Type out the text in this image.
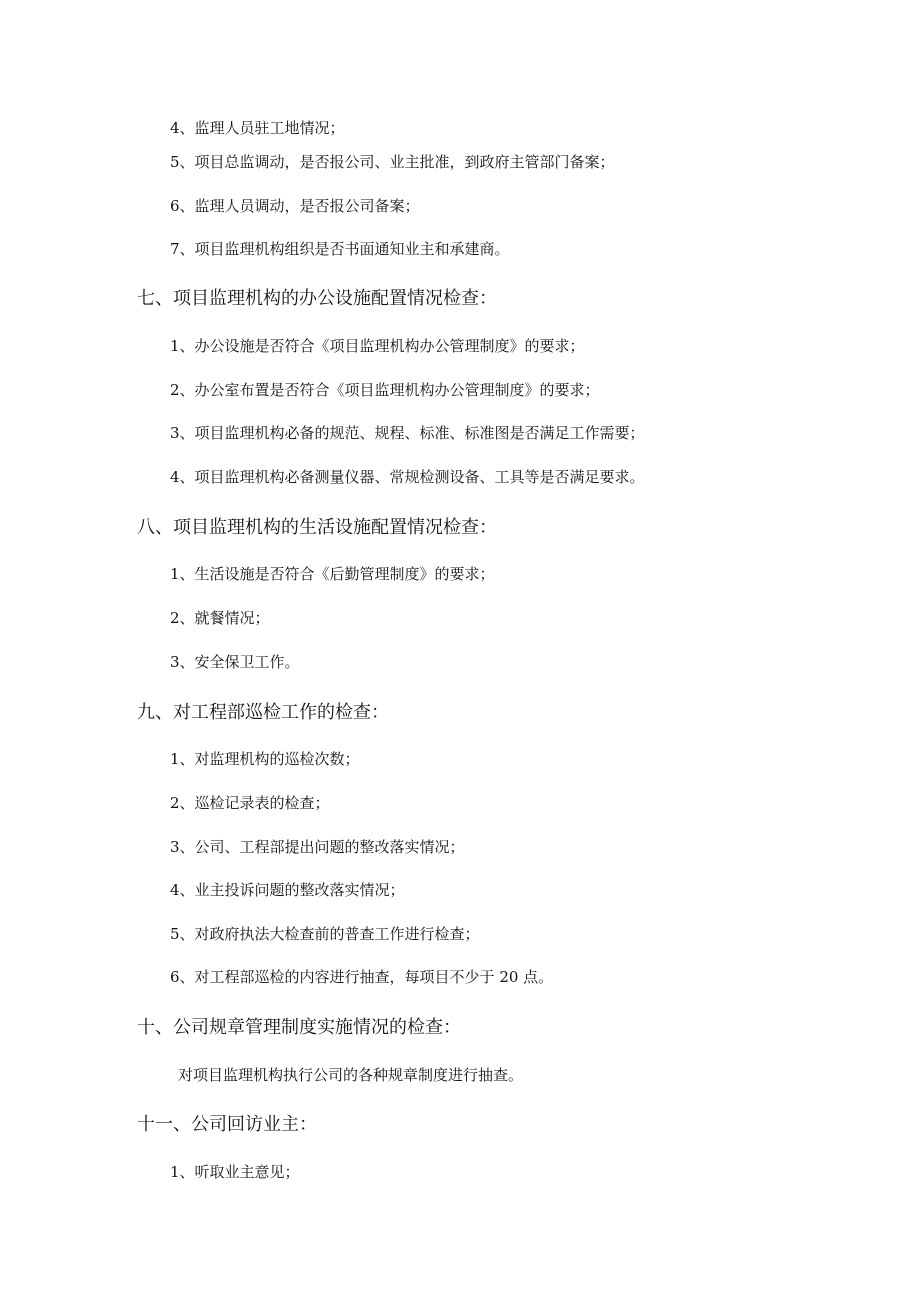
4、监理人员驻工地情况；
5、项目总监调动，是否报公司、业主批准，到政府主管部门备案；
6、监理人员调动，是否报公司备案；
7、项目监理机构组织是否书面通知业主和承建商。
七、项目监理机构的办公设施配置情况检查：
1、办公设施是否符合《项目监理机构办公管理制度》的要求；
2、办公室布置是否符合《项目监理机构办公管理制度》的要求；
3、项目监理机构必备的规范、规程、标准、标准图是否满足工作需要；
4、项目监理机构必备测量仪器、常规检测设备、工具等是否满足要求。
八、项目监理机构的生活设施配置情况检查：
1、生活设施是否符合《后勤管理制度》的要求；
2、就餐情况；
3、安全保卫工作。
九、对工程部巡检工作的检查：
1、对监理机构的巡检次数；
2、巡检记录表的检查；
3、公司、工程部提出问题的整改落实情况；
4、业主投诉问题的整改落实情况；
5、对政府执法大检查前的普查工作进行检查；
6、对工程部巡检的内容进行抽查，每项目不少于 20 点。
十、公司规章管理制度实施情况的检查：
对项目监理机构执行公司的各种规章制度进行抽查。
十一、公司回访业主：
1、听取业主意见；
